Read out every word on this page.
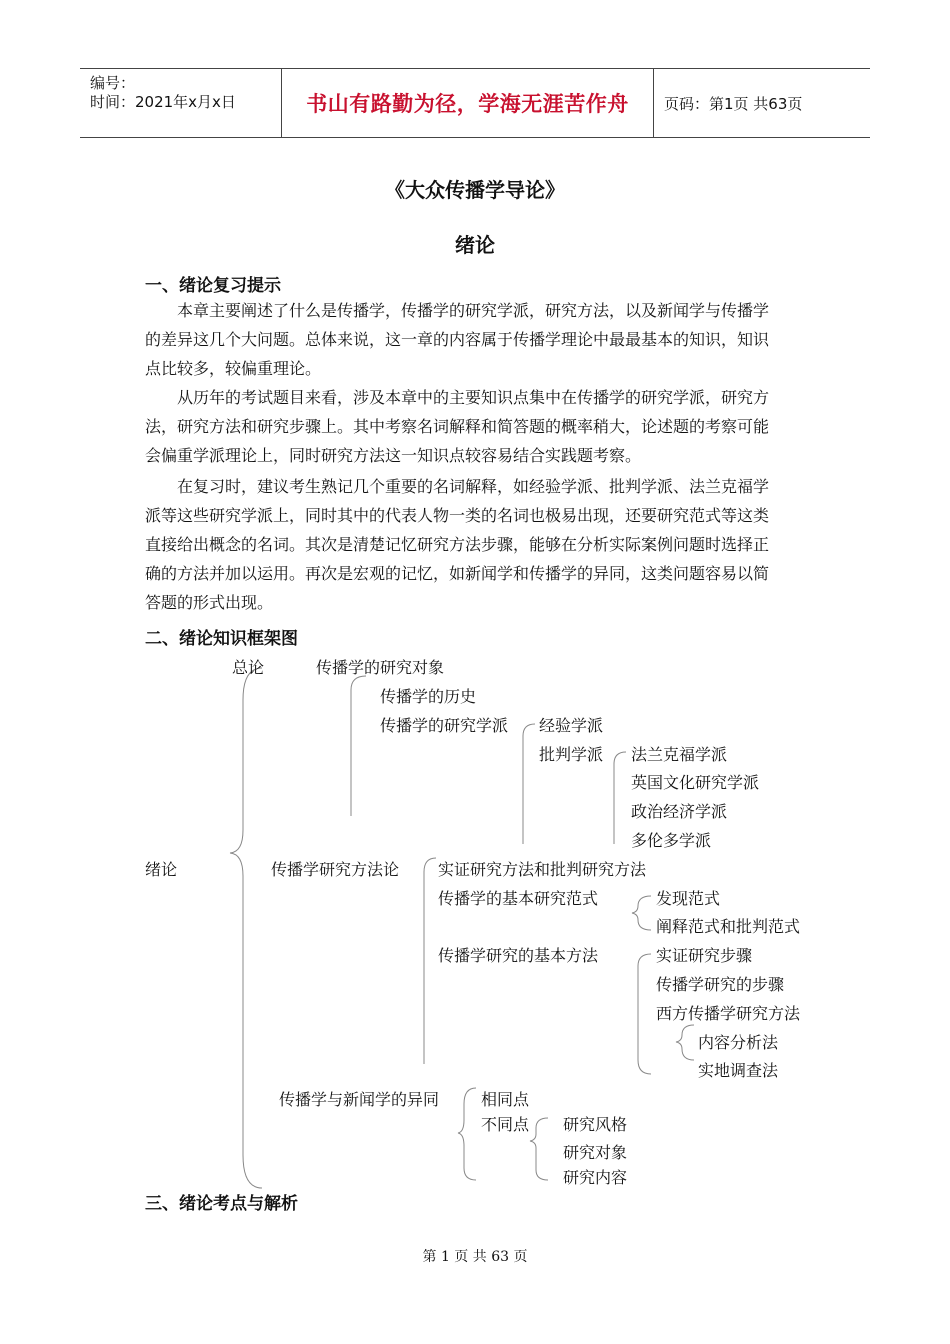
编号：
时间：2021年x月x日	书山有路勤为径，学海无涯苦作舟 页码：第1页 共63页
《大众传播学导论》
绪论
一、绪论复习提示
本章主要阐述了什么是传播学，传播学的研究学派，研究方法，以及新闻学与传播学
的差异这几个大问题。总体来说，这一章的内容属于传播学理论中最最基本的知识，知识
点比较多，较偏重理论。
从历年的考试题目来看，涉及本章中的主要知识点集中在传播学的研究学派，研究方
法，研究方法和研究步骤上。其中考察名词解释和简答题的概率稍大，论述题的考察可能
会偏重学派理论上，同时研究方法这一知识点较容易结合实践题考察。
在复习时，建议考生熟记几个重要的名词解释，如经验学派、批判学派、法兰克福学
派等这些研究学派上，同时其中的代表人物一类的名词也极易出现，还要研究范式等这类
直接给出概念的名词。其次是清楚记忆研究方法步骤，能够在分析实际案例问题时选择正
确的方法并加以运用。再次是宏观的记忆，如新闻学和传播学的异同，这类问题容易以简
答题的形式出现。
二、绪论知识框架图
总论	传播学的研究对象
传播学的历史
传播学的研究学派 经验学派
批判学派 法兰克福学派
英国文化研究学派
政治经济学派
多伦多学派
绪论	传播学研究方法论 实证研究方法和批判研究方法
传播学的基本研究范式	发现范式
阐释范式和批判范式
传播学研究的基本方法	实证研究步骤
传播学研究的步骤
西方传播学研究方法
内容分析法
实地调查法
传播学与新闻学的异同	相同点
不同点 研究风格
研究对象
研究内容
三、绪论考点与解析
第 1 页 共 63 页
